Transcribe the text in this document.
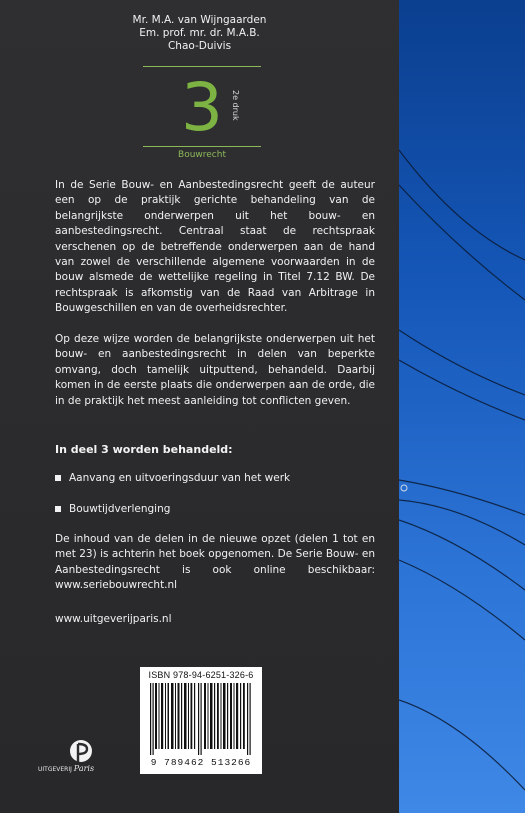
Mr. M.A. van Wijngaarden
Em. prof. mr. dr. M.A.B.
Chao-Duivis
3	2e druk
Bouwrecht
In de Serie Bouw- en Aanbestedingsrecht geeft de auteur een op de praktijk gerichte behandeling van de belangrijkste onderwerpen uit het bouw- en aanbestedingsrecht. Centraal staat de rechtspraak verschenen op de betreffende onderwerpen aan de hand van zowel de verschillende algemene voorwaarden in de bouw alsmede de wettelijke regeling in Titel 7.12 BW. De rechtspraak is afkomstig van de Raad van Arbitrage in Bouwgeschillen en van de overheidsrechter.
Op deze wijze worden de belangrijkste onderwerpen uit het bouw- en aanbestedingsrecht in delen van beperkte omvang, doch tamelijk uitputtend, behandeld. Daarbij komen in de eerste plaats die onderwerpen aan de orde, die in de praktijk het meest aanleiding tot conflicten geven.
In deel 3 worden behandeld:
Aanvang en uitvoeringsduur van het werk
Bouwtijdverlenging
De inhoud van de delen in de nieuwe opzet (delen 1 tot en met 23) is achterin het boek opgenomen. De Serie Bouw- en Aanbestedingsrecht is ook online beschikbaar: www.seriebouwrecht.nl
www.uitgeverijparis.nl
ISBN 978-94-6251-326-6
9 789462 513266
UITGEVERIJ Paris
